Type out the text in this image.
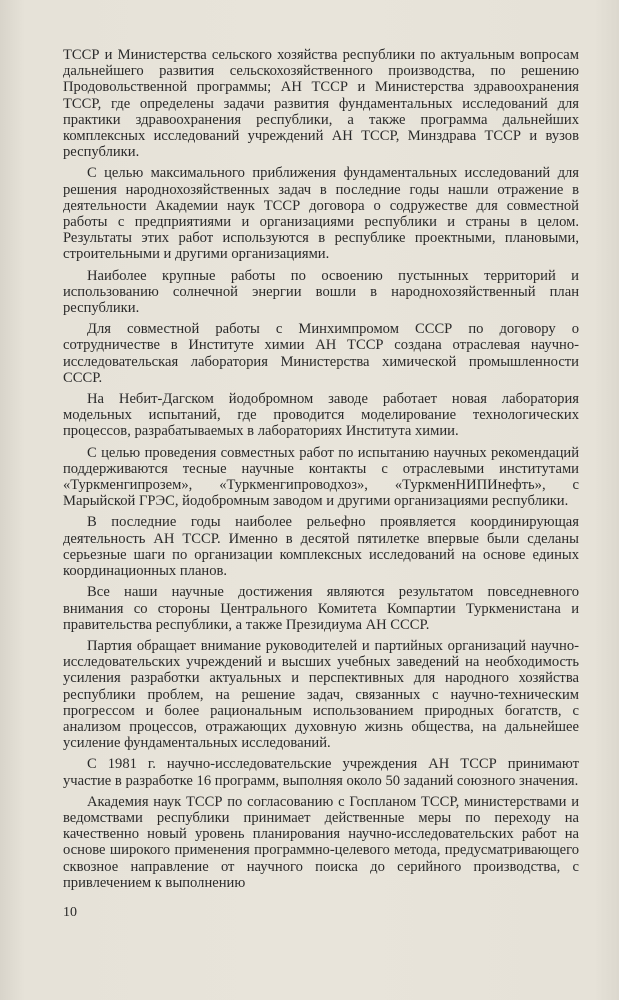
ТССР и Министерства сельского хозяйства республики по актуальным вопросам дальнейшего развития сельскохозяйственного производства, по решению Продовольственной программы; АН ТССР и Министерства здравоохранения ТССР, где определены задачи развития фундаментальных исследований для практики здравоохранения республики, а также программа дальнейших комплексных исследований учреждений АН ТССР, Минздрава ТССР и вузов республики.

С целью максимального приближения фундаментальных исследований для решения народнохозяйственных задач в последние годы нашли отражение в деятельности Академии наук ТССР договора о содружестве для совместной работы с предприятиями и организациями республики и страны в целом. Результаты этих работ используются в республике проектными, плановыми, строительными и другими организациями.

Наиболее крупные работы по освоению пустынных территорий и использованию солнечной энергии вошли в народнохозяйственный план республики.

Для совместной работы с Минхимпромом СССР по договору о сотрудничестве в Институте химии АН ТССР создана отраслевая научно-исследовательская лаборатория Министерства химической промышленности СССР.

На Небит-Дагском йодобромном заводе работает новая лаборатория модельных испытаний, где проводится моделирование технологических процессов, разрабатываемых в лабораториях Института химии.

С целью проведения совместных работ по испытанию научных рекомендаций поддерживаются тесные научные контакты с отраслевыми институтами «Туркменгипрозем», «Туркменгипроводхоз», «ТуркменНИПИнефть», с Марыйской ГРЭС, йодобромным заводом и другими организациями республики.

В последние годы наиболее рельефно проявляется координирующая деятельность АН ТССР. Именно в десятой пятилетке впервые были сделаны серьезные шаги по организации комплексных исследований на основе единых координационных планов.

Все наши научные достижения являются результатом повседневного внимания со стороны Центрального Комитета Компартии Туркменистана и правительства республики, а также Президиума АН СССР.

Партия обращает внимание руководителей и партийных организаций научно-исследовательских учреждений и высших учебных заведений на необходимость усиления разработки актуальных и перспективных для народного хозяйства республики проблем, на решение задач, связанных с научно-техническим прогрессом и более рациональным использованием природных богатств, с анализом процессов, отражающих духовную жизнь общества, на дальнейшее усиление фундаментальных исследований.

С 1981 г. научно-исследовательские учреждения АН ТССР принимают участие в разработке 16 программ, выполняя около 50 заданий союзного значения.

Академия наук ТССР по согласованию с Госпланом ТССР, министерствами и ведомствами республики принимает действенные меры по переходу на качественно новый уровень планирования научно-исследовательских работ на основе широкого применения программно-целевого метода, предусматривающего сквозное направление от научного поиска до серийного производства, с привлечением к выполнению

10
